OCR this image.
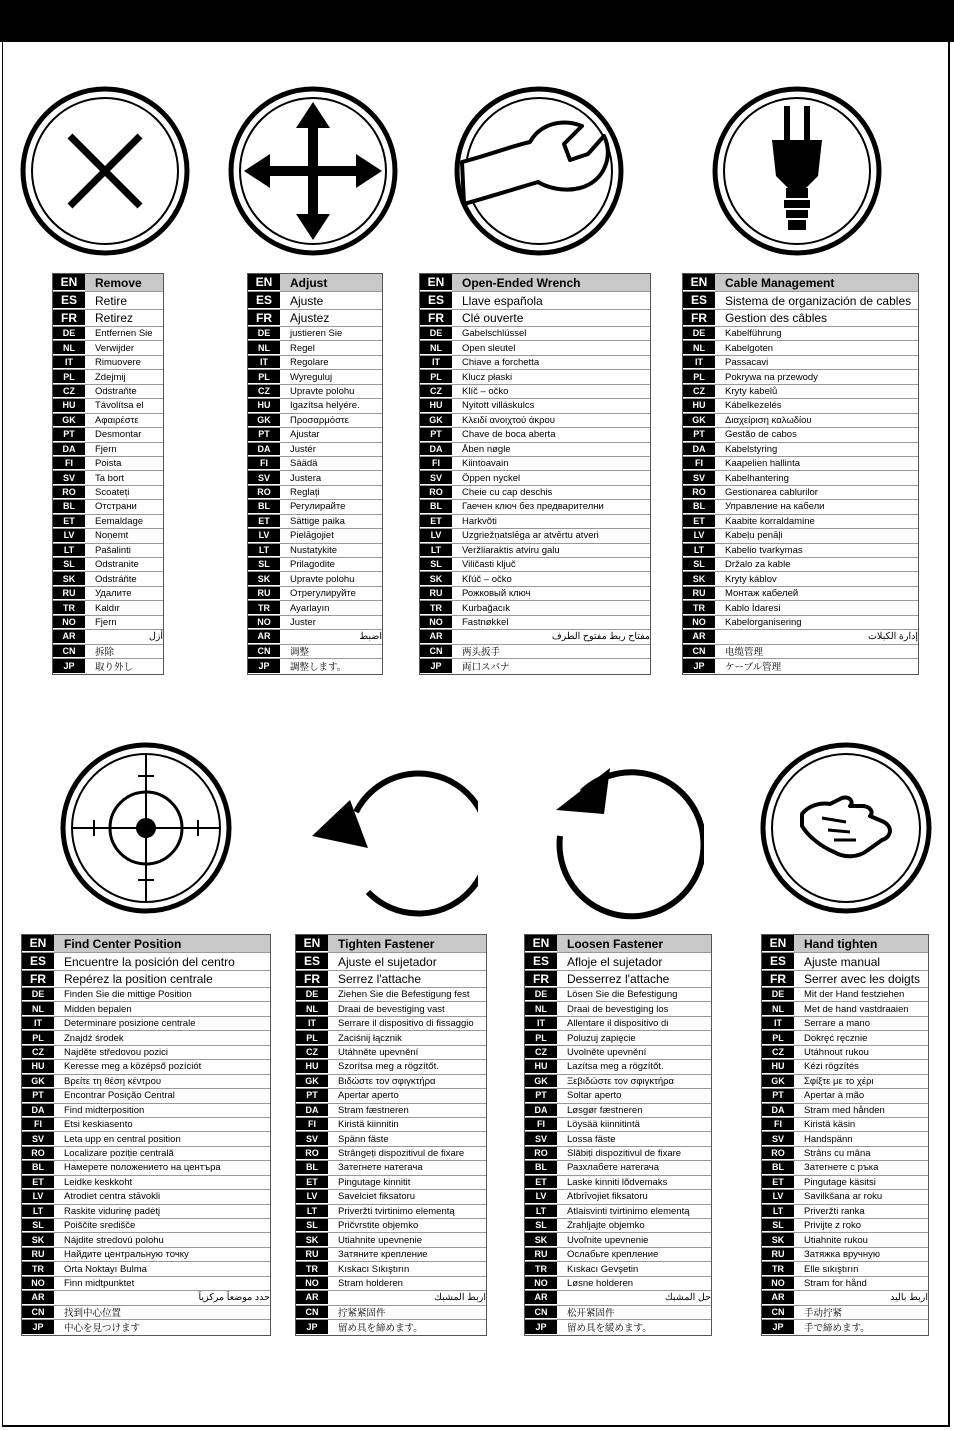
EN	Remove
ES	Retire
FR	Retirez
DE	Entfernen Sie
NL	Verwijder
IT	Rimuovere
PL	Zdejmij
CZ	Odstraňte
HU	Távolítsa el
GK	Αφαιρέστε
PT	Desmontar
DA	Fjern
FI	Poista
SV	Ta bort
RO	Scoateți
BL	Отстрани
ET	Eemaldage
LV	Noņemt
LT	Pašalinti
SL	Odstranite
SK	Odstráňte
RU	Удалите
TR	Kaldır
NO	Fjern
AR	أزل
CN	拆除
JP	取り外し
EN	Adjust
ES	Ajuste
FR	Ajustez
DE	justieren Sie
NL	Regel
IT	Regolare
PL	Wyreguluj
CZ	Upravte polohu
HU	Igazítsa helyére.
GK	Προσαρμόστε
PT	Ajustar
DA	Justér
FI	Säädä
SV	Justera
RO	Reglați
BL	Регулирайте
ET	Sättige paika
LV	Pielāgojiet
LT	Nustatykite
SL	Prilagodite
SK	Upravte polohu
RU	Отрегулируйте
TR	Ayarlayın
NO	Juster
AR	اضبط
CN	调整
JP	調整します。
EN	Open-Ended Wrench
ES	Llave española
FR	Clé ouverte
DE	Gabelschlüssel
NL	Open sleutel
IT	Chiave a forchetta
PL	Klucz płaski
CZ	Klíč – očko
HU	Nyitott villáskulcs
GK	Κλειδί ανοιχτού άκρου
PT	Chave de boca aberta
DA	Åben nøgle
FI	Kiintoavain
SV	Öppen nyckel
RO	Cheie cu cap deschis
BL	Гаечен ключ без предварителни
ET	Harkvõti
LV	Uzgriežņatslēga ar atvērtu atveri
LT	Veržliaraktis atviru galu
SL	Viličasti ključ
SK	Kľúč – očko
RU	Рожковый ключ
TR	Kurbağacık
NO	Fastnøkkel
AR	مفتاح ربط مفتوح الطرف
CN	两头扳手
JP	両口スパナ
EN	Cable Management
ES	Sistema de organización de cables
FR	Gestion des câbles
DE	Kabelführung
NL	Kabelgoten
IT	Passacavi
PL	Pokrywa na przewody
CZ	Kryty kabelů
HU	Kábelkezelés
GK	Διαχείριση καλωδίου
PT	Gestão de cabos
DA	Kabelstyring
FI	Kaapelien hallinta
SV	Kabelhantering
RO	Gestionarea cablurilor
BL	Управление на кабели
ET	Kaabite korraldamine
LV	Kabeļu penāļi
LT	Kabelio tvarkymas
SL	Držalo za kable
SK	Kryty káblov
RU	Монтаж кабелей
TR	Kablo İdaresi
NO	Kabelorganisering
AR	إدارة الكبلات
CN	电缆管理
JP	ケーブル管理
EN	Find Center Position
ES	Encuentre la posición del centro
FR	Repérez la position centrale
DE	Finden Sie die mittige Position
NL	Midden bepalen
IT	Determinare posizione centrale
PL	Znajdź środek
CZ	Najděte středovou pozici
HU	Keresse meg a középső pozíciót
GK	Βρείτε τη θέση κέντρου
PT	Encontrar Posição Central
DA	Find midterposition
FI	Etsi keskiasento
SV	Leta upp en central position
RO	Localizare poziție centrală
BL	Намерете положението на центъра
ET	Leidke keskkoht
LV	Atrodiet centra stāvokli
LT	Raskite vidurinę padėtį
SL	Poiščite središče
SK	Nájdite stredovú polohu
RU	Найдите центральную точку
TR	Orta Noktayı Bulma
NO	Finn midtpunktet
AR	حدد موضعاً مركزياً
CN	找到中心位置
JP	中心を見つけます
EN	Tighten Fastener
ES	Ajuste el sujetador
FR	Serrez l'attache
DE	Ziehen Sie die Befestigung fest
NL	Draai de bevestiging vast
IT	Serrare il dispositivo di fissaggio
PL	Zaciśnij łącznik
CZ	Utáhněte upevnění
HU	Szorítsa meg a rögzítőt.
GK	Βιδώστε τον σφιγκτήρα
PT	Apertar aperto
DA	Stram fæstneren
FI	Kiristä kiinnitin
SV	Spänn fäste
RO	Strângeți dispozitivul de fixare
BL	Затегнете натегача
ET	Pingutage kinnitit
LV	Savelciet fiksatoru
LT	Priveržti tvirtinimo elementą
SL	Pričvrstite objemko
SK	Utiahnite upevnenie
RU	Затяните крепление
TR	Kıskacı Sıkıştırın
NO	Stram holderen
AR	اربط المشبك
CN	拧紧紧固件
JP	留め具を締めます。
EN	Loosen Fastener
ES	Afloje el sujetador
FR	Desserrez l'attache
DE	Lösen Sie die Befestigung
NL	Draai de bevestiging los
IT	Allentare il dispositivo di
PL	Poluzuj zapięcie
CZ	Uvolněte upevnění
HU	Lazítsa meg a rögzítőt.
GK	Ξεβιδώστε τον σφιγκτήρα
PT	Soltar aperto
DA	Løsgør fæstneren
FI	Löysää kiinnitintä
SV	Lossa fäste
RO	Slăbiți dispozitivul de fixare
BL	Разхлабете натегача
ET	Laske kinniti lõdvemaks
LV	Atbrīvojiet fiksatoru
LT	Atlaisvinti tvirtinimo elementą
SL	Zrahljajte objemko
SK	Uvoľnite upevnenie
RU	Ослабьте крепление
TR	Kıskacı Gevşetin
NO	Løsne holderen
AR	حل المشبك
CN	松开紧固件
JP	留め具を緩めます。
EN	Hand tighten
ES	Ajuste manual
FR	Serrer avec les doigts
DE	Mit der Hand festziehen
NL	Met de hand vastdraaien
IT	Serrare a mano
PL	Dokręć ręcznie
CZ	Utáhnout rukou
HU	Kézi rögzítés
GK	Σφίξτε με το χέρι
PT	Apertar à mão
DA	Stram med hånden
FI	Kiristä käsin
SV	Handspänn
RO	Strâns cu mâna
BL	Затегнете с ръка
ET	Pingutage käsitsi
LV	Savilkšana ar roku
LT	Priveržti ranka
SL	Privijte z roko
SK	Utiahnite rukou
RU	Затяжка вручную
TR	Elle sıkıştırın
NO	Stram for hånd
AR	اربط باليد
CN	手动拧紧
JP	手で締めます。
